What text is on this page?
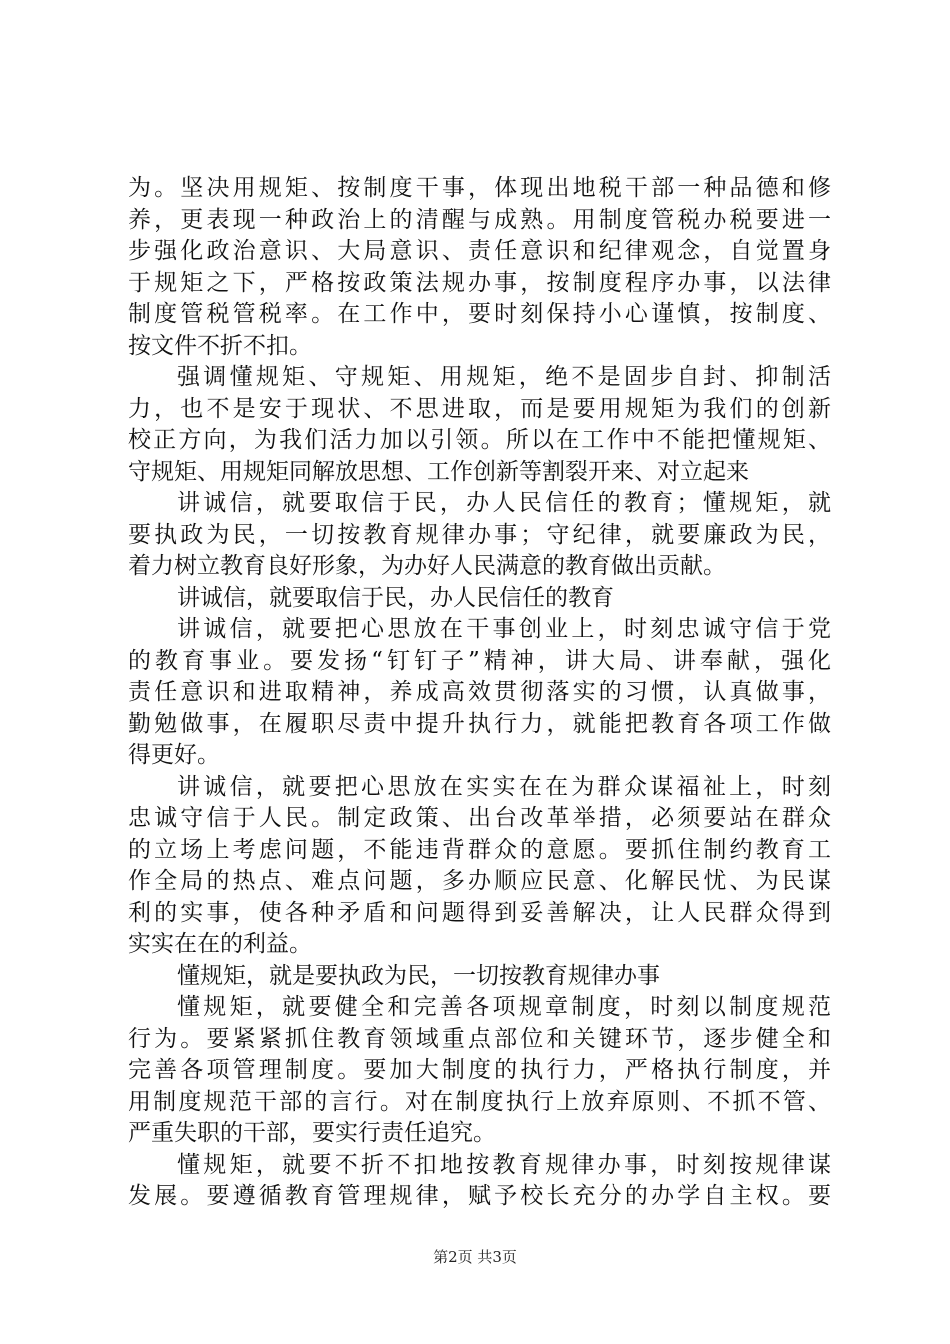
为。坚决用规矩、按制度干事，体现出地税干部一种品德和修
养，更表现一种政治上的清醒与成熟。用制度管税办税要进一
步强化政治意识、大局意识、责任意识和纪律观念，自觉置身
于规矩之下，严格按政策法规办事，按制度程序办事，以法律
制度管税管税率。在工作中，要时刻保持小心谨慎，按制度、
按文件不折不扣。
强调懂规矩、守规矩、用规矩，绝不是固步自封、抑制活
力，也不是安于现状、不思进取，而是要用规矩为我们的创新
校正方向，为我们活力加以引领。所以在工作中不能把懂规矩、
守规矩、用规矩同解放思想、工作创新等割裂开来、对立起来
讲诚信，就要取信于民，办人民信任的教育；懂规矩，就
要执政为民，一切按教育规律办事；守纪律，就要廉政为民，
着力树立教育良好形象，为办好人民满意的教育做出贡献。
讲诚信，就要取信于民，办人民信任的教育
讲诚信，就要把心思放在干事创业上，时刻忠诚守信于党
的教育事业。要发扬“钉钉子”精神，讲大局、讲奉献，强化
责任意识和进取精神，养成高效贯彻落实的习惯，认真做事，
勤勉做事，在履职尽责中提升执行力，就能把教育各项工作做
得更好。
讲诚信，就要把心思放在实实在在为群众谋福祉上，时刻
忠诚守信于人民。制定政策、出台改革举措，必须要站在群众
的立场上考虑问题，不能违背群众的意愿。要抓住制约教育工
作全局的热点、难点问题，多办顺应民意、化解民忧、为民谋
利的实事，使各种矛盾和问题得到妥善解决，让人民群众得到
实实在在的利益。
懂规矩，就是要执政为民，一切按教育规律办事
懂规矩，就要健全和完善各项规章制度，时刻以制度规范
行为。要紧紧抓住教育领域重点部位和关键环节，逐步健全和
完善各项管理制度。要加大制度的执行力，严格执行制度，并
用制度规范干部的言行。对在制度执行上放弃原则、不抓不管、
严重失职的干部，要实行责任追究。
懂规矩，就要不折不扣地按教育规律办事，时刻按规律谋
发展。要遵循教育管理规律，赋予校长充分的办学自主权。要
第2页 共3页
